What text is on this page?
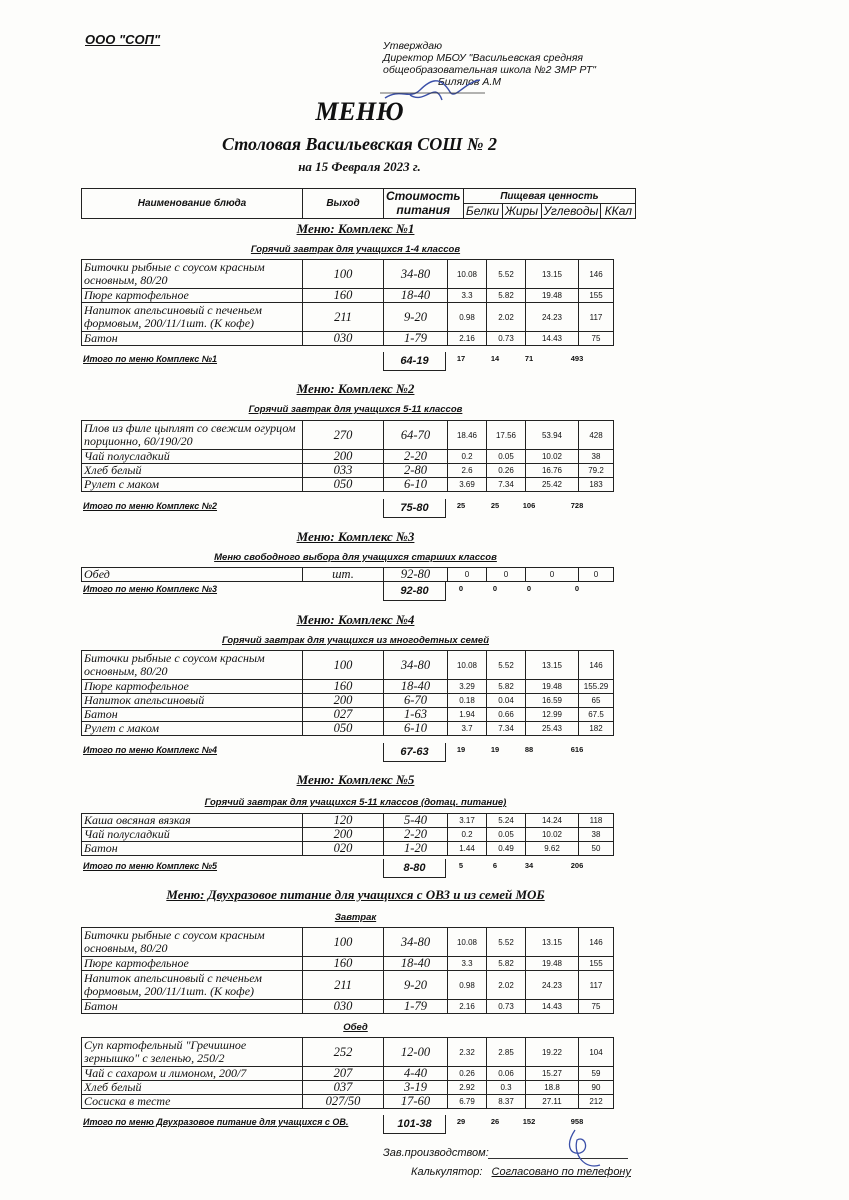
ООО "СОП"	Утверждаю
Директор МБОУ "Васильевская средняя
общеобразовательная школа №2 ЗМР РТ"
Билялов А.М
МЕНЮ
Столовая Васильевская СОШ № 2
на 15 Февраля 2023 г.
Наименование блюда	Выход	Стоимость	Пищевая ценность			
		питания	Белки	Жиры	Углеводы	ККал
Меню: Комплекс №1
Горячий завтрак для учащихся 1-4 классов
Биточки рыбные с соусом красным основным, 80/20	100	34-80	10.08	5.52	13.15	146
Пюре картофельное	160	18-40	3.3	5.82	19.48	155
Напиток апельсиновый с печеньем формовым, 200/11/1шт. (К кофе)	211	9-20	0.98	2.02	24.23	117
Батон	030	1-79	2.16	0.73	14.43	75
Итого по меню Комплекс №1	64-19	17	14	71	493
Меню: Комплекс №2
Горячий завтрак для учащихся 5-11 классов
Плов из филе цыплят со свежим огурцом порционно, 60/190/20	270	64-70	18.46	17.56	53.94	428
Чай полусладкий	200	2-20	0.2	0.05	10.02	38
Хлеб белый	033	2-80	2.6	0.26	16.76	79.2
Рулет с маком	050	6-10	3.69	7.34	25.42	183
Итого по меню Комплекс №2	75-80	25	25	106	728
Меню: Комплекс №3
Меню свободного выбора для учащихся старших классов
Обед	шт.	92-80	0	0	0	0
Итого по меню Комплекс №3	92-80	0	0	0	0
Меню: Комплекс №4
Горячий завтрак для учащихся из многодетных семей
Биточки рыбные с соусом красным основным, 80/20	100	34-80	10.08	5.52	13.15	146
Пюре картофельное	160	18-40	3.29	5.82	19.48	155.29
Напиток апельсиновый	200	6-70	0.18	0.04	16.59	65
Батон	027	1-63	1.94	0.66	12.99	67.5
Рулет с маком	050	6-10	3.7	7.34	25.43	182
Итого по меню Комплекс №4	67-63	19	19	88	616
Меню: Комплекс №5
Горячий завтрак для учащихся 5-11 классов (дотац. питание)
Каша овсяная вязкая	120	5-40	3.17	5.24	14.24	118
Чай полусладкий	200	2-20	0.2	0.05	10.02	38
Батон	020	1-20	1.44	0.49	9.62	50
Итого по меню Комплекс №5	8-80	5	6	34	206
Меню: Двухразовое питание для учащихся с ОВЗ и из семей МОБ
Завтрак
Биточки рыбные с соусом красным основным, 80/20	100	34-80	10.08	5.52	13.15	146
Пюре картофельное	160	18-40	3.3	5.82	19.48	155
Напиток апельсиновый с печеньем формовым, 200/11/1шт. (К кофе)	211	9-20	0.98	2.02	24.23	117
Батон	030	1-79	2.16	0.73	14.43	75
Обед
Суп картофельный "Гречишное зернышко" с зеленью, 250/2	252	12-00	2.32	2.85	19.22	104
Чай с сахаром и лимоном, 200/7	207	4-40	0.26	0.06	15.27	59
Хлеб белый	037	3-19	2.92	0.3	18.8	90
Сосиска в тесте	027/50	17-60	6.79	8.37	27.11	212
Итого по меню Двухразовое питание для учащихся с ОВ.	101-38	29	26	152	958
Зав.производством:
Калькулятор: Согласовано по телефону
